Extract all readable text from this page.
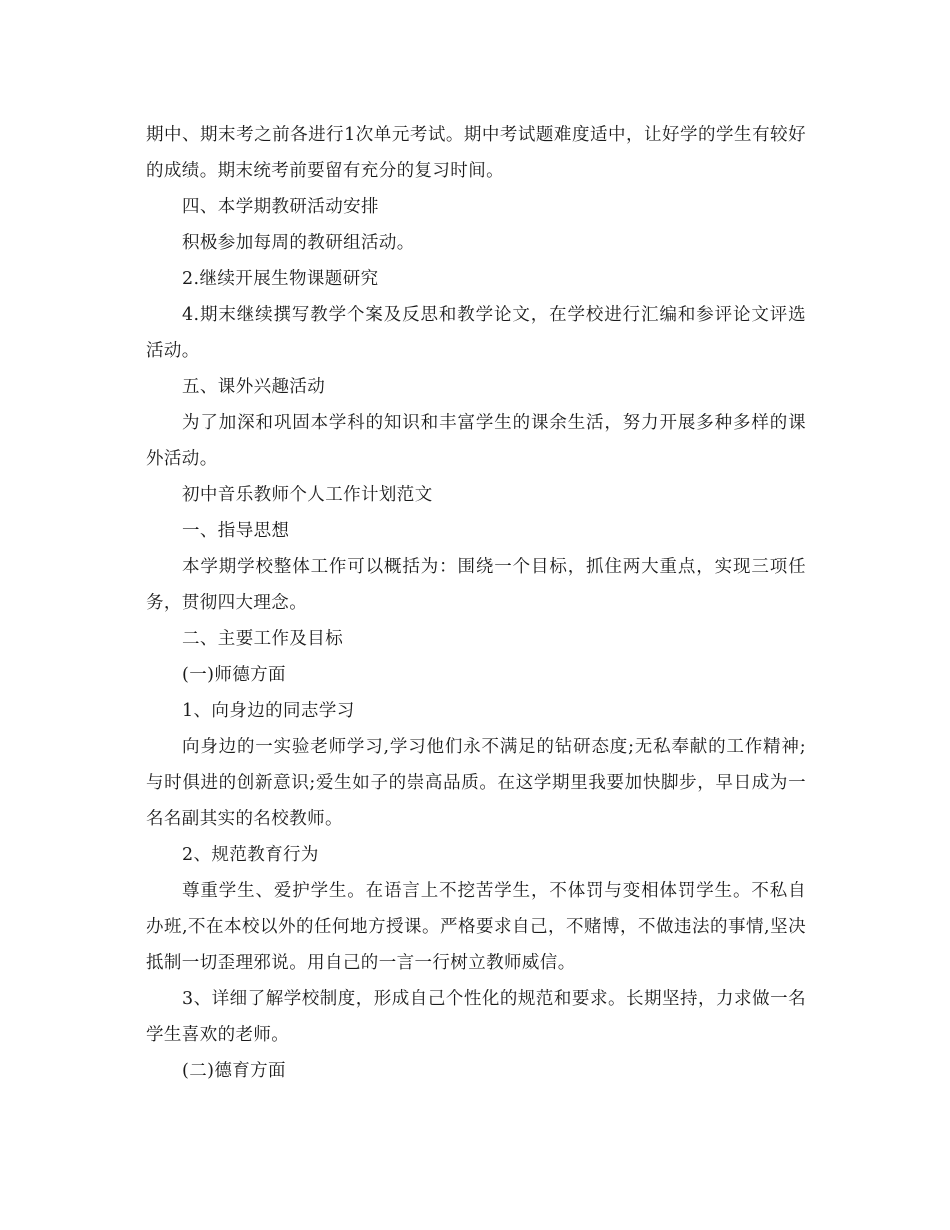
期中、期末考之前各进行1次单元考试。期中考试题难度适中，让好学的学生有较好的成绩。期末统考前要留有充分的复习时间。

四、本学期教研活动安排

积极参加每周的教研组活动。

2.继续开展生物课题研究

4.期末继续撰写教学个案及反思和教学论文，在学校进行汇编和参评论文评选活动。

五、课外兴趣活动

为了加深和巩固本学科的知识和丰富学生的课余生活，努力开展多种多样的课外活动。

初中音乐教师个人工作计划范文

一、指导思想

本学期学校整体工作可以概括为：围绕一个目标，抓住两大重点，实现三项任务，贯彻四大理念。

二、主要工作及目标

(一)师德方面

1、向身边的同志学习

向身边的一实验老师学习,学习他们永不满足的钻研态度;无私奉献的工作精神;与时俱进的创新意识;爱生如子的崇高品质。在这学期里我要加快脚步，早日成为一名名副其实的名校教师。

2、规范教育行为

尊重学生、爱护学生。在语言上不挖苦学生，不体罚与变相体罚学生。不私自办班,不在本校以外的任何地方授课。严格要求自己，不赌博，不做违法的事情,坚决抵制一切歪理邪说。用自己的一言一行树立教师威信。

3、详细了解学校制度，形成自己个性化的规范和要求。长期坚持，力求做一名学生喜欢的老师。

(二)德育方面
